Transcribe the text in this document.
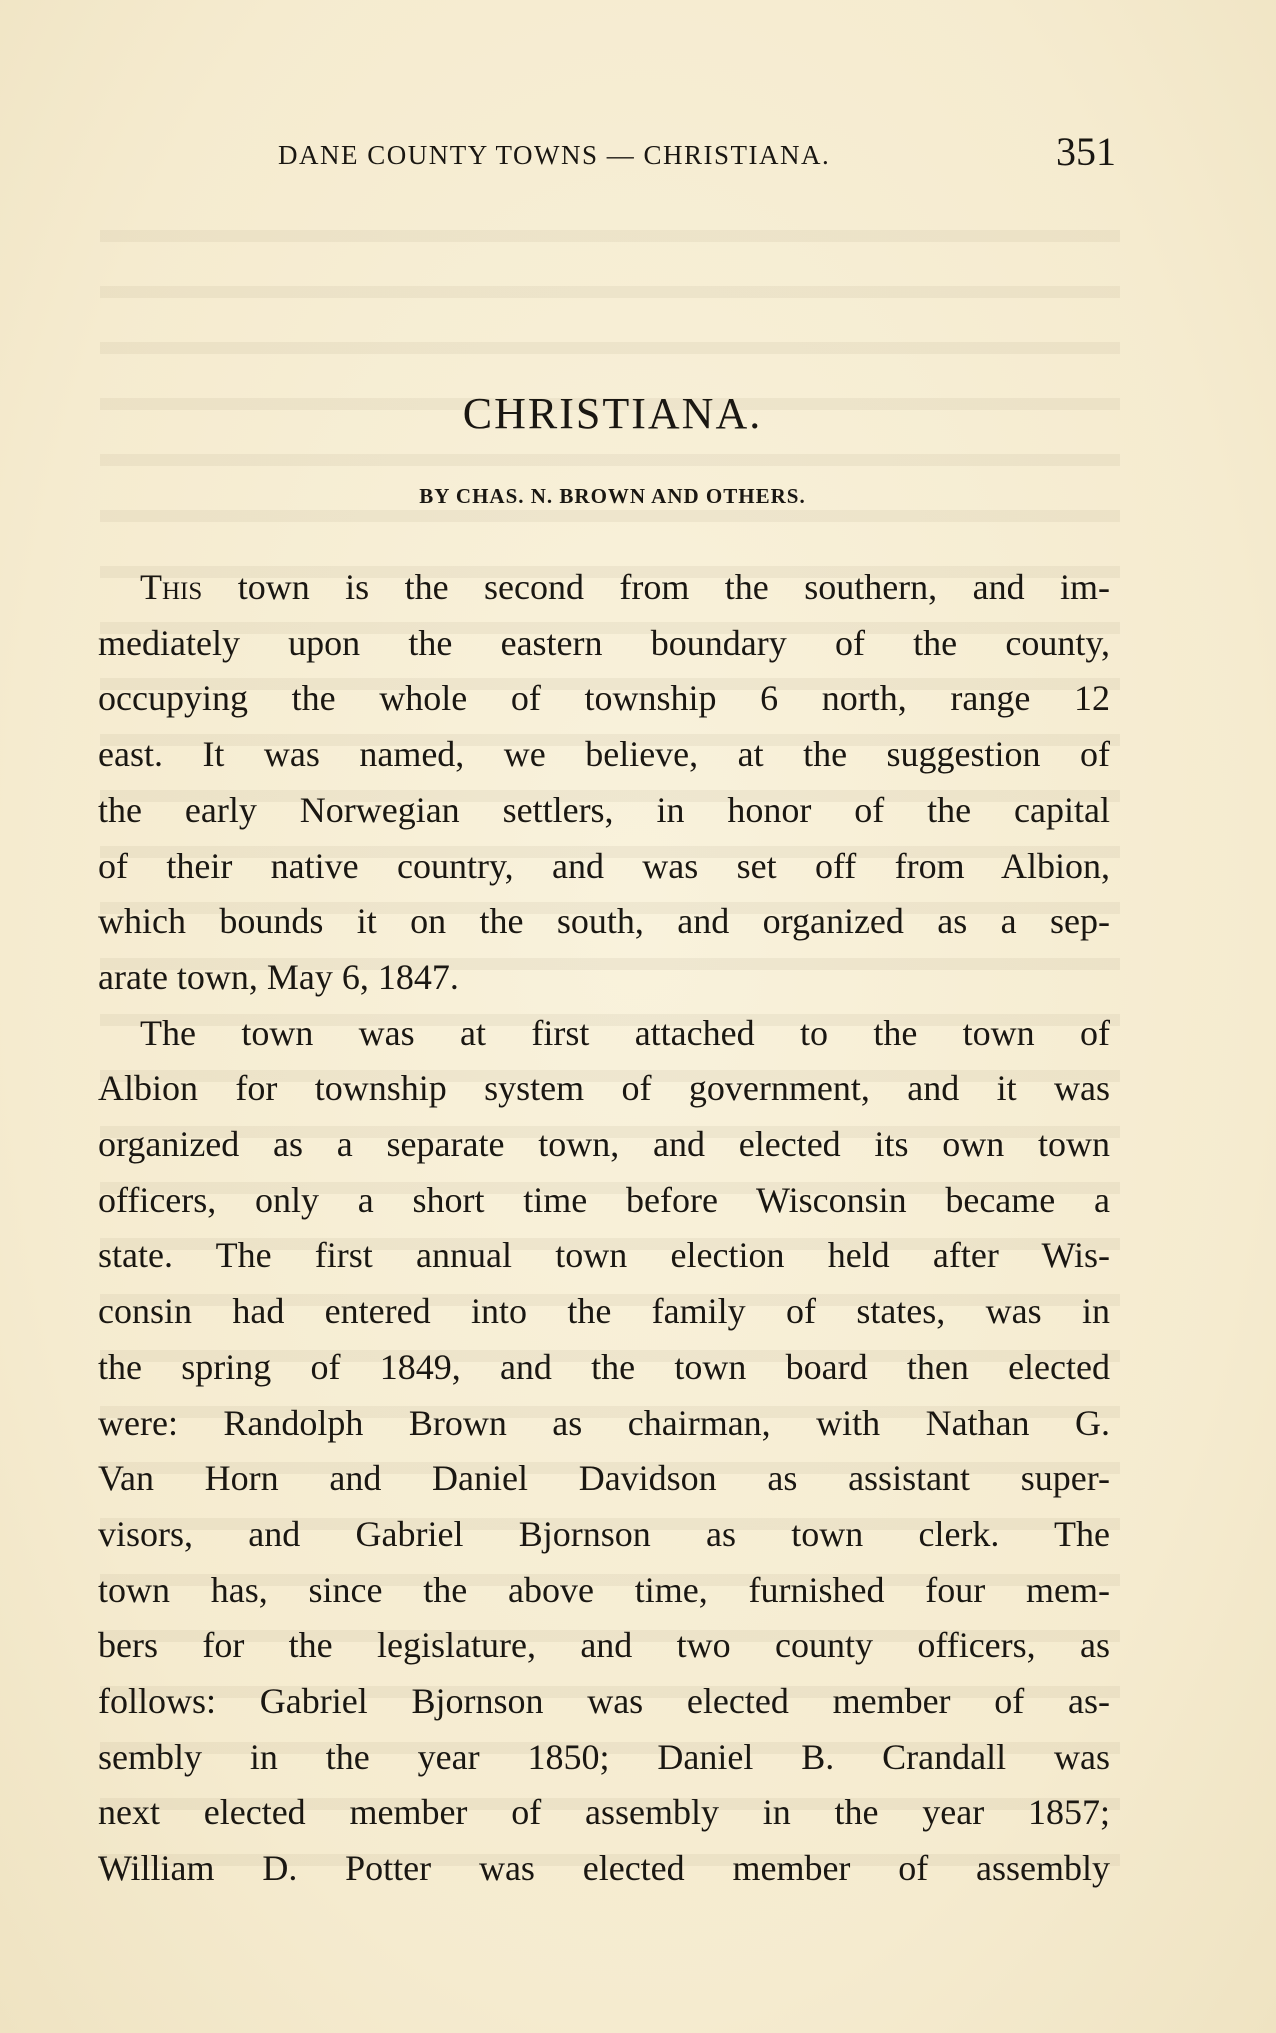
DANE COUNTY TOWNS — CHRISTIANA.	351
CHRISTIANA.
BY CHAS. N. BROWN AND OTHERS.
This town is the second from the southern, and im-
mediately upon the eastern boundary of the county,
occupying the whole of township 6 north, range 12
east. It was named, we believe, at the suggestion of
the early Norwegian settlers, in honor of the capital
of their native country, and was set off from Albion,
which bounds it on the south, and organized as a sep-
arate town, May 6, 1847.
The town was at first attached to the town of
Albion for township system of government, and it was
organized as a separate town, and elected its own town
officers, only a short time before Wisconsin became a
state. The first annual town election held after Wis-
consin had entered into the family of states, was in
the spring of 1849, and the town board then elected
were: Randolph Brown as chairman, with Nathan G.
Van Horn and Daniel Davidson as assistant super-
visors, and Gabriel Bjornson as town clerk. The
town has, since the above time, furnished four mem-
bers for the legislature, and two county officers, as
follows: Gabriel Bjornson was elected member of as-
sembly in the year 1850; Daniel B. Crandall was
next elected member of assembly in the year 1857;
William D. Potter was elected member of assembly
